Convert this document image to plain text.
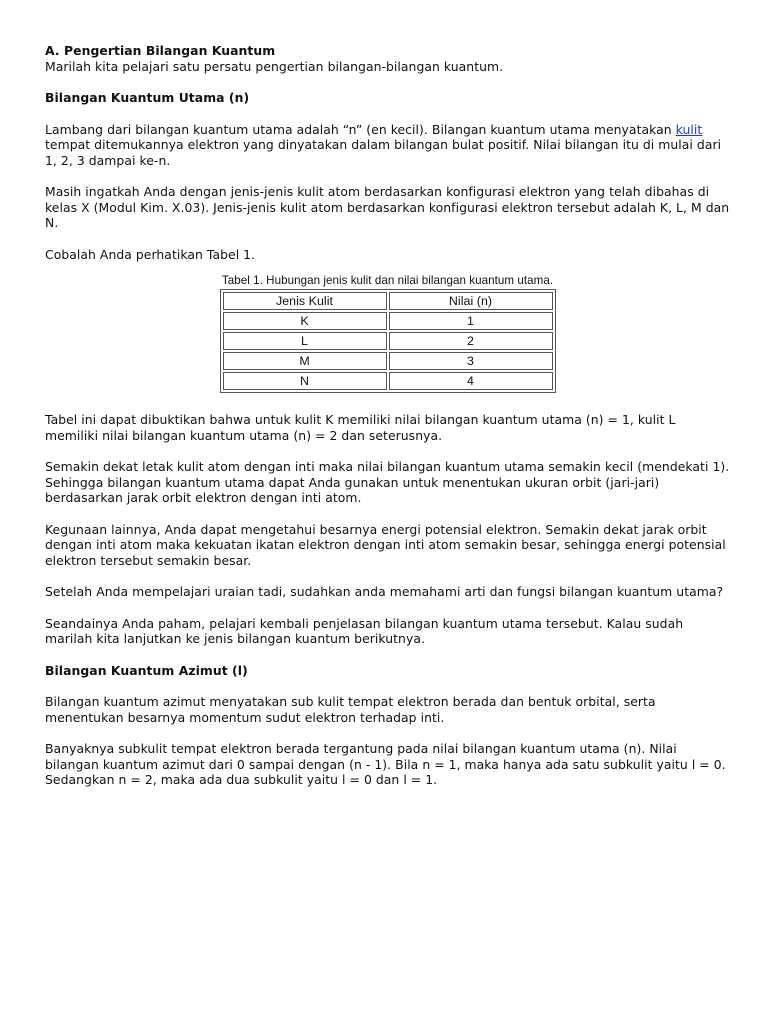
A. Pengertian Bilangan Kuantum

Marilah kita pelajari satu persatu pengertian bilangan-bilangan kuantum.

Bilangan Kuantum Utama (n)

Lambang dari bilangan kuantum utama adalah “n” (en kecil). Bilangan kuantum utama menyatakan kulit tempat ditemukannya elektron yang dinyatakan dalam bilangan bulat positif. Nilai bilangan itu di mulai dari 1, 2, 3 dampai ke-n.

Masih ingatkah Anda dengan jenis-jenis kulit atom berdasarkan konfigurasi elektron yang telah dibahas di kelas X (Modul Kim. X.03). Jenis-jenis kulit atom berdasarkan konfigurasi elektron tersebut adalah K, L, M dan N.

Cobalah Anda perhatikan Tabel 1.

Tabel 1. Hubungan jenis kulit dan nilai bilangan kuantum utama.
Jenis Kulit	Nilai (n)
K	1
L	2
M	3
N	4

Tabel ini dapat dibuktikan bahwa untuk kulit K memiliki nilai bilangan kuantum utama (n) = 1, kulit L memiliki nilai bilangan kuantum utama (n) = 2 dan seterusnya.

Semakin dekat letak kulit atom dengan inti maka nilai bilangan kuantum utama semakin kecil (mendekati 1). Sehingga bilangan kuantum utama dapat Anda gunakan untuk menentukan ukuran orbit (jari-jari) berdasarkan jarak orbit elektron dengan inti atom.

Kegunaan lainnya, Anda dapat mengetahui besarnya energi potensial elektron. Semakin dekat jarak orbit dengan inti atom maka kekuatan ikatan elektron dengan inti atom semakin besar, sehingga energi potensial elektron tersebut semakin besar.

Setelah Anda mempelajari uraian tadi, sudahkan anda memahami arti dan fungsi bilangan kuantum utama?

Seandainya Anda paham, pelajari kembali penjelasan bilangan kuantum utama tersebut. Kalau sudah marilah kita lanjutkan ke jenis bilangan kuantum berikutnya.

Bilangan Kuantum Azimut (l)

Bilangan kuantum azimut menyatakan sub kulit tempat elektron berada dan bentuk orbital, serta menentukan besarnya momentum sudut elektron terhadap inti.

Banyaknya subkulit tempat elektron berada tergantung pada nilai bilangan kuantum utama (n). Nilai bilangan kuantum azimut dari 0 sampai dengan (n - 1). Bila n = 1, maka hanya ada satu subkulit yaitu l = 0. Sedangkan n = 2, maka ada dua subkulit yaitu l = 0 dan l = 1.
